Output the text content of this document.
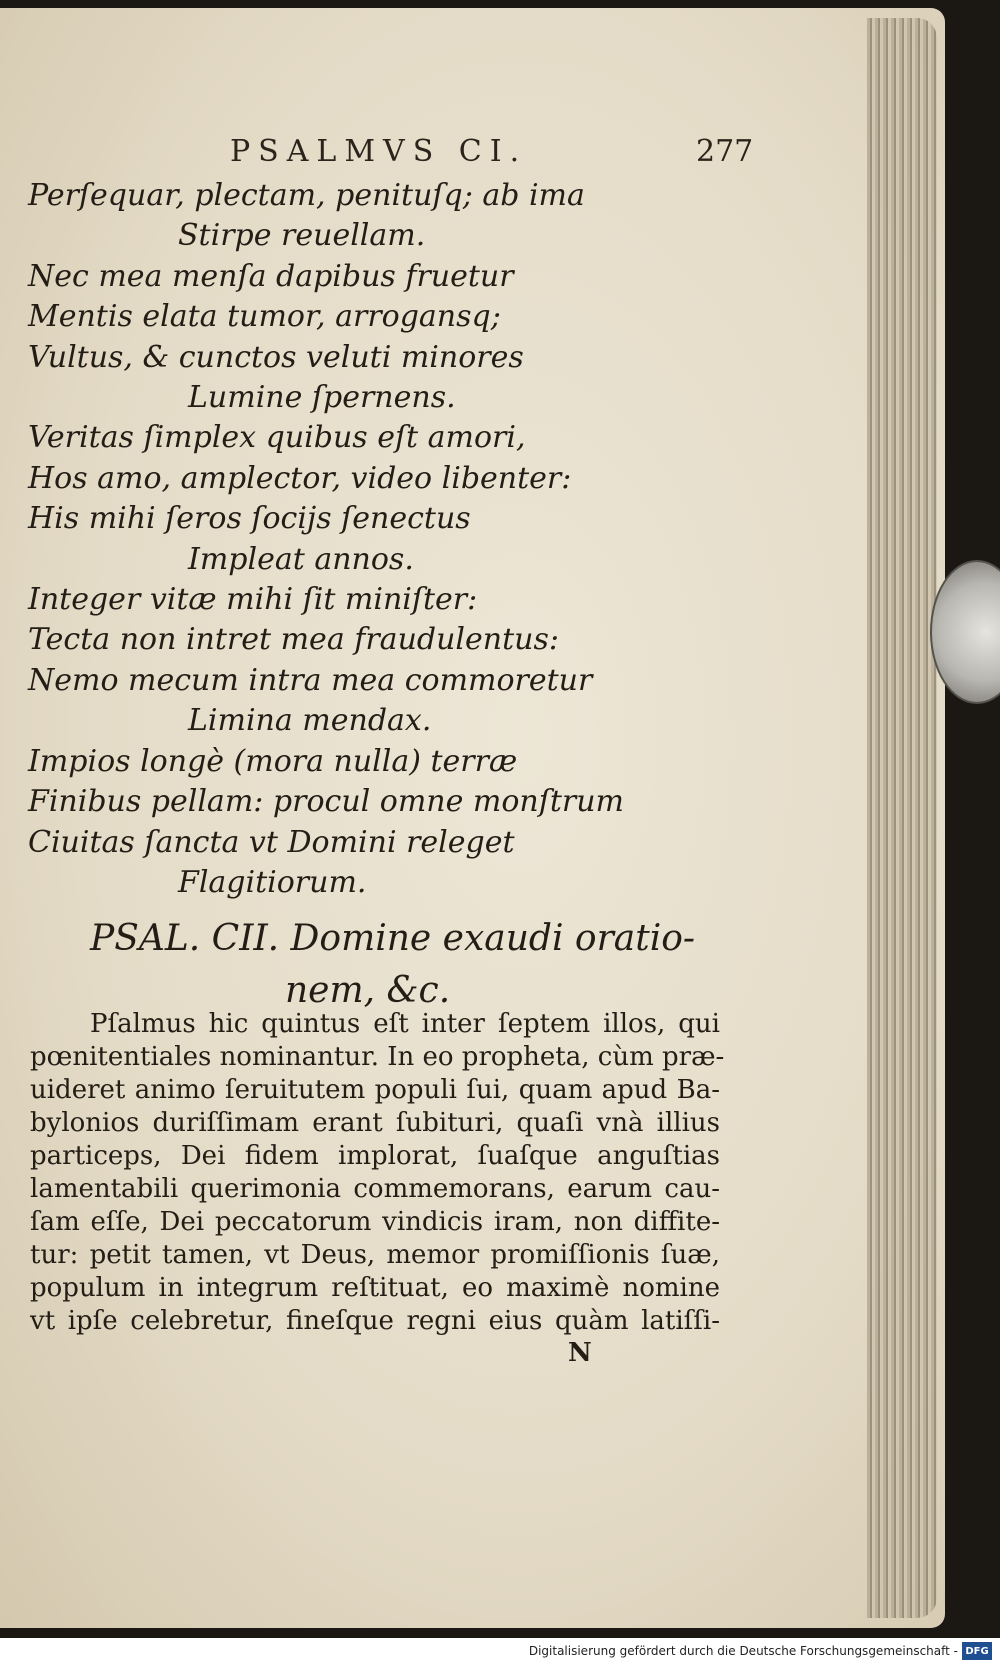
PSALMVS CI.	277
Perſequar, plectam, penituſq; ab ima
Stirpe reuellam.
Nec mea menſa dapibus fruetur
Mentis elata tumor, arrogansq;
Vultus, & cunctos veluti minores
Lumine ſpernens.
Veritas ſimplex quibus eſt amori,
Hos amo, amplector, video libenter:
His mihi ſeros ſocijs ſenectus
Impleat annos.
Integer vitæ mihi ſit miniſter:
Tecta non intret mea fraudulentus:
Nemo mecum intra mea commoretur
Limina mendax.
Impios longè (mora nulla) terræ
Finibus pellam: procul omne monſtrum
Ciuitas ſancta vt Domini releget
Flagitiorum.
PSAL. CII. Domine exaudi oratio-
nem, &c.
Pſalmus hic quintus eſt inter ſeptem illos, qui
pœnitentiales nominantur. In eo propheta, cùm præ-
uideret animo ſeruitutem populi ſui, quam apud Ba-
bylonios duriſſimam erant ſubituri, quaſi vnà illius
particeps, Dei fidem implorat, ſuaſque anguſtias
lamentabili querimonia commemorans, earum cau-
ſam eſſe, Dei peccatorum vindicis iram, non diffite-
tur: petit tamen, vt Deus, memor promiſſionis ſuæ,
populum in integrum reſtituat, eo maximè nomine
vt ipſe celebretur, fineſque regni eius quàm latiſſi-
N
Digitalisierung gefördert durch die Deutsche Forschungsgemeinschaft - DFG
